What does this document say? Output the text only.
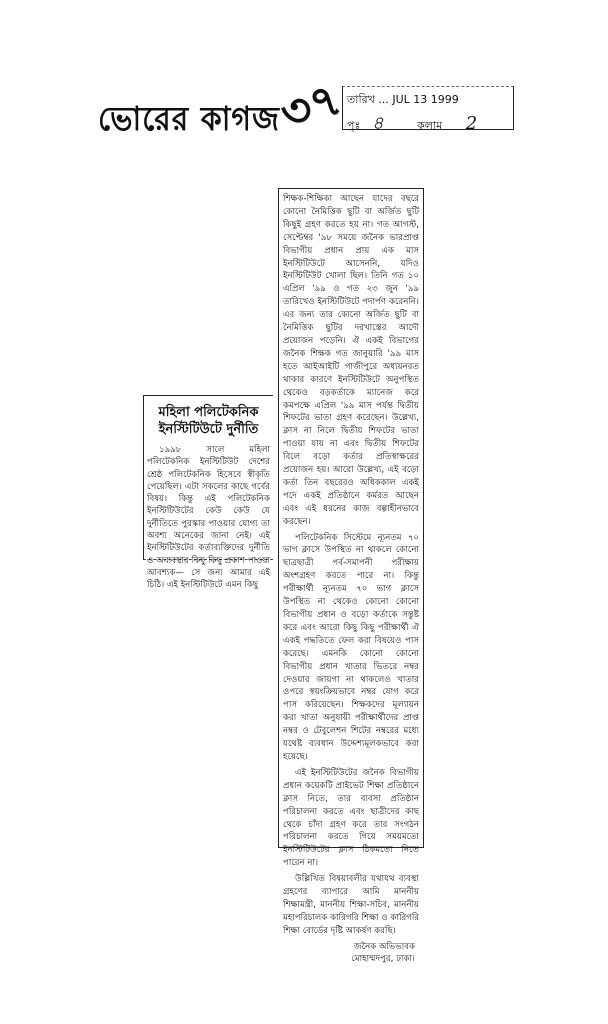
ভোরের কাগজ
৩৭ তারিখ ... JUL 13 1999
পৃঃ ৪	কলাম 2
মহিলা পলিটেকনিক
ইনস্টিটিউটে দুর্নীতি

১৯৯৮ সালে মহিলা পলিটেকনিক ইনস্টিটিউট দেশের শ্রেষ্ঠ পলিটেকনিক হিসেবে স্বীকৃতি পেয়েছিল। এটা সকলের কাছে গর্বের বিষয়। কিন্তু এই পলিটেকনিক ইনস্টিটিউটের কেউ কেউ যে দুর্নীতিতে পুরস্কার পাওয়ার যোগ্য তা অবশ্য অনেকের জানা নেই। এই ইনস্টিটিউটের কর্তাব্যক্তিদের দুর্নীতি ও অব্যবস্থার কিছু কিছু প্রকাশ পাওয়া আবশ্যক— সে জন্য আমার এই চিঠি। এই ইনস্টিটিউটে এমন কিছু

শিক্ষক-শিক্ষিকা আছেন যাদের বছরে কোনো নৈমিত্তিক ছুটি বা অর্জিত ছুটি কিছুই গ্রহণ করতে হয় না। গত আগস্ট, সেপ্টেম্বর '৯৮ সময়ে জনৈক ভারপ্রাপ্ত বিভাগীয় প্রধান প্রায় এক মাস ইনস্টিটিউটে আসেননি, যদিও ইনস্টিটিউট খোলা ছিল। তিনি গত ১০ এপ্রিল '৯৯ ও গত ২৩ জুন '৯৯ তারিখেও ইনস্টিটিউটে পদার্পণ করেননি। এর জন্য তার কোনো অর্জিত ছুটি বা নৈমিত্তিক ছুটির দরখাস্তের আদৌ প্রয়োজন পড়েনি। ঐ একই বিভাগের জনৈক শিক্ষক গত জানুয়ারি '৯৯ মাস হতে আইআইটি গাজীপুরে অধ্যয়নরত থাকার কারণে ইনস্টিটিউটে অনুপস্থিত থেকেও বড়কর্তাকে ম্যানেজ করে কমপক্ষে এপ্রিল '৯৯ মাস পর্যন্ত দ্বিতীয় শিফটের ভাতা গ্রহণ করেছেন। উল্লেখ্য, ক্লাস না নিলে দ্বিতীয় শিফটের ভাতা পাওয়া যায় না এবং দ্বিতীয় শিফটের বিলে বড়ো কর্তার প্রতিস্বাক্ষরের প্রয়োজন হয়। আরো উল্লেখ্য, এই বড়ো কর্তা তিন বছরেরও অধিককাল একই পদে একই প্রতিষ্ঠানে কর্মরত আছেন এবং এই ধরনের কাজ বল্গাহীনভাবে করছেন।

পলিটেকনিক সিস্টেমে ন্যূনতম ৭০ ভাগ ক্লাসে উপস্থিত না থাকলে কোনো ছাত্রছাত্রী পর্ব-সমাপনী পরীক্ষায় অংশগ্রহণ করতে পারে না। কিন্তু পরীক্ষার্থী ন্যূনতম ৭০ ভাগ ক্লাসে উপস্থিত না থেকেও কোনো কোনো বিভাগীয় প্রধান ও বড়ো কর্তাকে সন্তুষ্ট করে এবং আরো কিছু কিছু পরীক্ষার্থী ঐ একই পদ্ধতিতে ফেল করা বিষয়েও পাস করেছে। এমনকি কোনো কোনো বিভাগীয় প্রধান খাতার ভিতরে নম্বর দেওয়ার জায়গা না থাকলেও খাতার ওপরে স্বয়ংক্রিয়ভাবে নম্বর যোগ করে পাস করিয়েছেন। শিক্ষকদের মূল্যায়ন করা খাতা অনুযায়ী পরীক্ষার্থীদের প্রাপ্ত নম্বর ও টেবুলেশন শিটের নম্বরের মধ্যে যথেষ্ট ব্যবধান উদ্দেশ্যমূলকভাবে করা হয়েছে।

এই ইনস্টিটিউটের জনৈক বিভাগীয় প্রধান কয়েকটি প্রাইভেট শিক্ষা প্রতিষ্ঠানে ক্লাস নিতে, তার ব্যবসা প্রতিষ্ঠান পরিচালনা করতে এবং ছাত্রীদের কাছ থেকে চাঁদা গ্রহণ করে তার সংগঠন পরিচালনা করতে গিয়ে সময়মতো ইনস্টিটিউটের ক্লাস ঠিকমতো নিতে পারেন না।

উল্লিখিত বিষয়াবলীর যথাযথ ব্যবস্থা গ্রহণের ব্যাপারে আমি মাননীয় শিক্ষামন্ত্রী, মাননীয় শিক্ষা-সচিব, মাননীয় মহাপরিচালক কারিগরি শিক্ষা ও কারিগরি শিক্ষা বোর্ডের দৃষ্টি আকর্ষণ করছি।

জনৈক অভিভাবক
মোহাম্মদপুর, ঢাকা।
